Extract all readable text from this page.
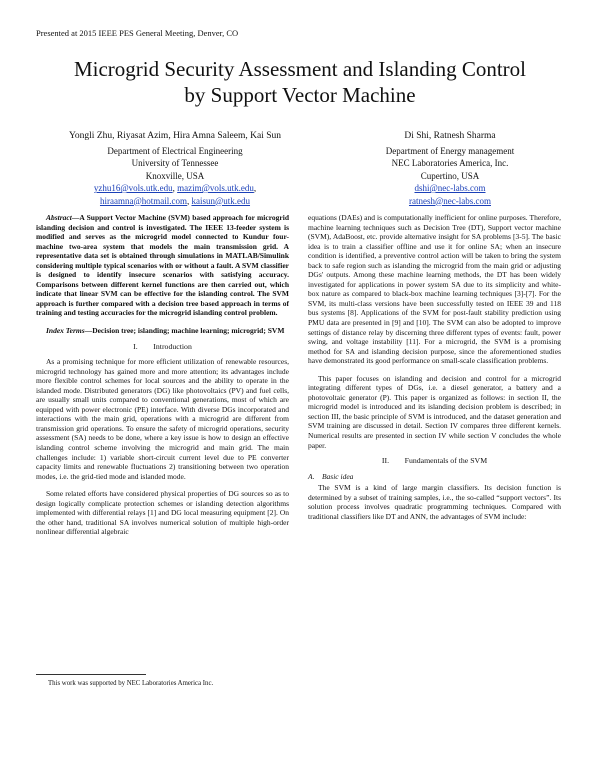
Presented at 2015 IEEE PES General Meeting, Denver, CO
Microgrid Security Assessment and Islanding Control
by Support Vector Machine
Yongli Zhu, Riyasat Azim, Hira Amna Saleem, Kai Sun
Department of Electrical Engineering
University of Tennessee
Knoxville, USA
yzhu16@vols.utk.edu, mazim@vols.utk.edu,
hiraamna@hotmail.com, kaisun@utk.edu
Di Shi, Ratnesh Sharma
Department of Energy management
NEC Laboratories America, Inc.
Cupertino, USA
dshi@nec-labs.com
ratnesh@nec-labs.com

Abstract—A Support Vector Machine (SVM) based approach for microgrid islanding decision and control is investigated. The IEEE 13-feeder system is modified and serves as the microgrid model connected to Kundur four-machine two-area system that models the main transmission grid. A representative data set is obtained through simulations in MATLAB/Simulink considering multiple typical scenarios with or without a fault. A SVM classifier is designed to identify insecure scenarios with satisfying accuracy. Comparisons between different kernel functions are then carried out, which indicate that linear SVM can be effective for the islanding control. The SVM approach is further compared with a decision tree based approach in terms of training and testing accuracies for the microgrid islanding control problem.

Index Terms—Decision tree; islanding; machine learning; microgrid; SVM

I.  Introduction

As a promising technique for more efficient utilization of renewable resources, microgrid technology has gained more and more attention; its advantages include more flexible control schemes for local sources and the ability to operate in the islanded mode. Distributed generators (DG) like photovoltaics (PV) and fuel cells, are usually small units compared to conventional generations, most of which are equipped with power electronic (PE) interface. With diverse DGs incorporated and interactions with the main grid, operations with a microgrid are different from transmission grid operations. To ensure the safety of microgrid operations, security assessment (SA) needs to be done, where a key issue is how to design an effective islanding control scheme involving the microgrid and main grid. The main challenges include: 1) variable short-circuit current level due to PE converter capacity limits and renewable fluctuations 2) transitioning between two operation modes, i.e. the grid-tied mode and islanded mode.

Some related efforts have considered physical properties of DG sources so as to design logically complicate protection schemes or islanding detection algorithms implemented with differential relays [1] and DG local measuring equipment [2]. On the other hand, traditional SA involves numerical solution of multiple high-order nonlinear differential algebraic

equations (DAEs) and is computationally inefficient for online purposes. Therefore, machine learning techniques such as Decision Tree (DT), Support vector machine (SVM), AdaBoost, etc. provide alternative insight for SA problems [3-5]. The basic idea is to train a classifier offline and use it for online SA; when an insecure condition is identified, a preventive control action will be taken to bring the system back to safe region such as islanding the microgrid from the main grid or adjusting DGs' outputs. Among these machine learning methods, the DT has been widely investigated for applications in power system SA due to its simplicity and white-box nature as compared to black-box machine learning techniques [3]-[7]. For the SVM, its multi-class versions have been successfully tested on IEEE 39 and 118 bus systems [8]. Applications of the SVM for post-fault stability prediction using PMU data are presented in [9] and [10]. The SVM can also be adopted to improve settings of distance relay by discerning three different types of events: fault, power swing, and voltage instability [11]. For a microgrid, the SVM is a promising method for SA and islanding decision purpose, since the aforementioned studies have demonstrated its good performance on small-scale classification problems.

This paper focuses on islanding and decision and control for a microgrid integrating different types of DGs, i.e. a diesel generator, a battery and a photovoltaic generator (P). This paper is organized as follows: in section II, the microgrid model is introduced and its islanding decision problem is described; in section III, the basic principle of SVM is introduced, and the dataset generation and SVM training are discussed in detail. Section IV compares three different kernels. Numerical results are presented in section IV while section V concludes the whole paper.

II.  Fundamentals of the SVM

A. Basic idea

The SVM is a kind of large margin classifiers. Its decision function is determined by a subset of training samples, i.e., the so-called “support vectors”. Its solution process involves quadratic programming techniques. Compared with traditional classifiers like DT and ANN, the advantages of SVM include:

This work was supported by NEC Laboratories America Inc.
